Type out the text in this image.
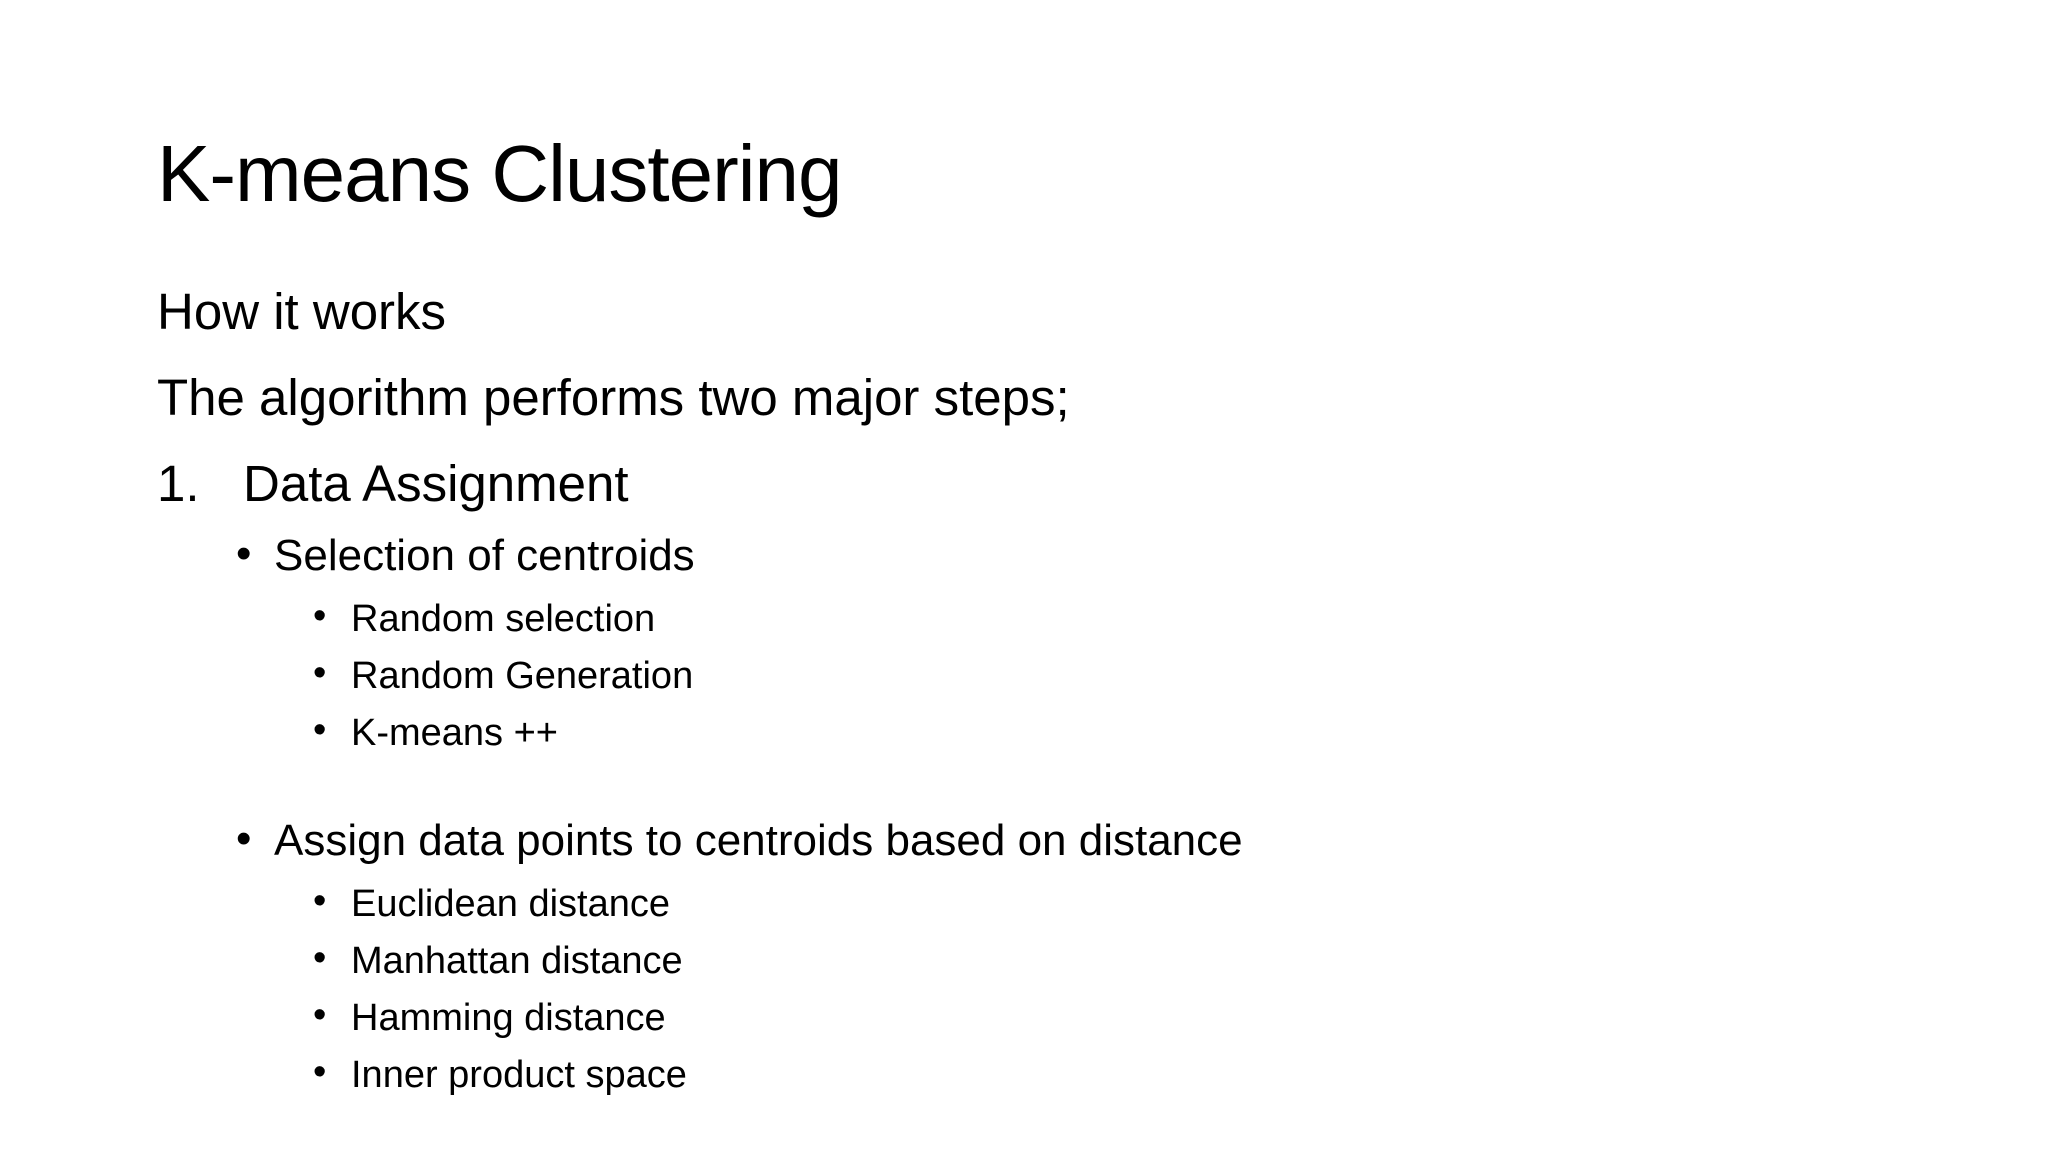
K-means Clustering

How it works

The algorithm performs two major steps;

1. Data Assignment
• Selection of centroids
• Random selection
• Random Generation
• K-means ++
• Assign data points to centroids based on distance
• Euclidean distance
• Manhattan distance
• Hamming distance
• Inner product space
